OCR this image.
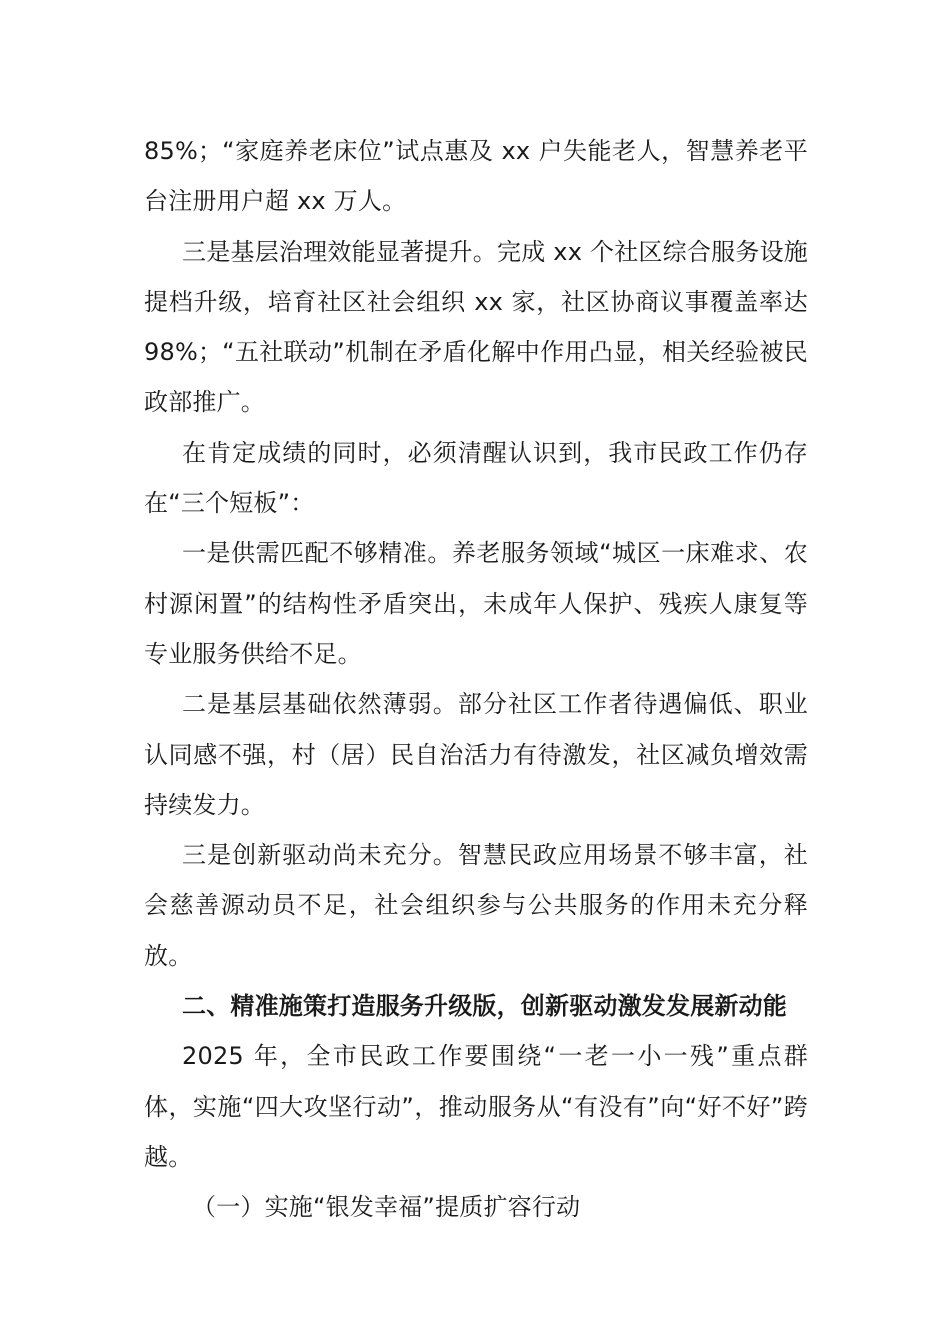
85%；“家庭养老床位”试点惠及 xx 户失能老人，智慧养老平台注册用户超 xx 万人。

三是基层治理效能显著提升。完成 xx 个社区综合服务设施提档升级，培育社区社会组织 xx 家，社区协商议事覆盖率达 98%；“五社联动”机制在矛盾化解中作用凸显，相关经验被民政部推广。

在肯定成绩的同时，必须清醒认识到，我市民政工作仍存在“三个短板”：

一是供需匹配不够精准。养老服务领域“城区一床难求、农村源闲置”的结构性矛盾突出，未成年人保护、残疾人康复等专业服务供给不足。

二是基层基础依然薄弱。部分社区工作者待遇偏低、职业认同感不强，村（居）民自治活力有待激发，社区减负增效需持续发力。

三是创新驱动尚未充分。智慧民政应用场景不够丰富，社会慈善源动员不足，社会组织参与公共服务的作用未充分释放。

二、精准施策打造服务升级版，创新驱动激发发展新动能

2025 年，全市民政工作要围绕“一老一小一残”重点群体，实施“四大攻坚行动”，推动服务从“有没有”向“好不好”跨越。

（一）实施“银发幸福”提质扩容行动
